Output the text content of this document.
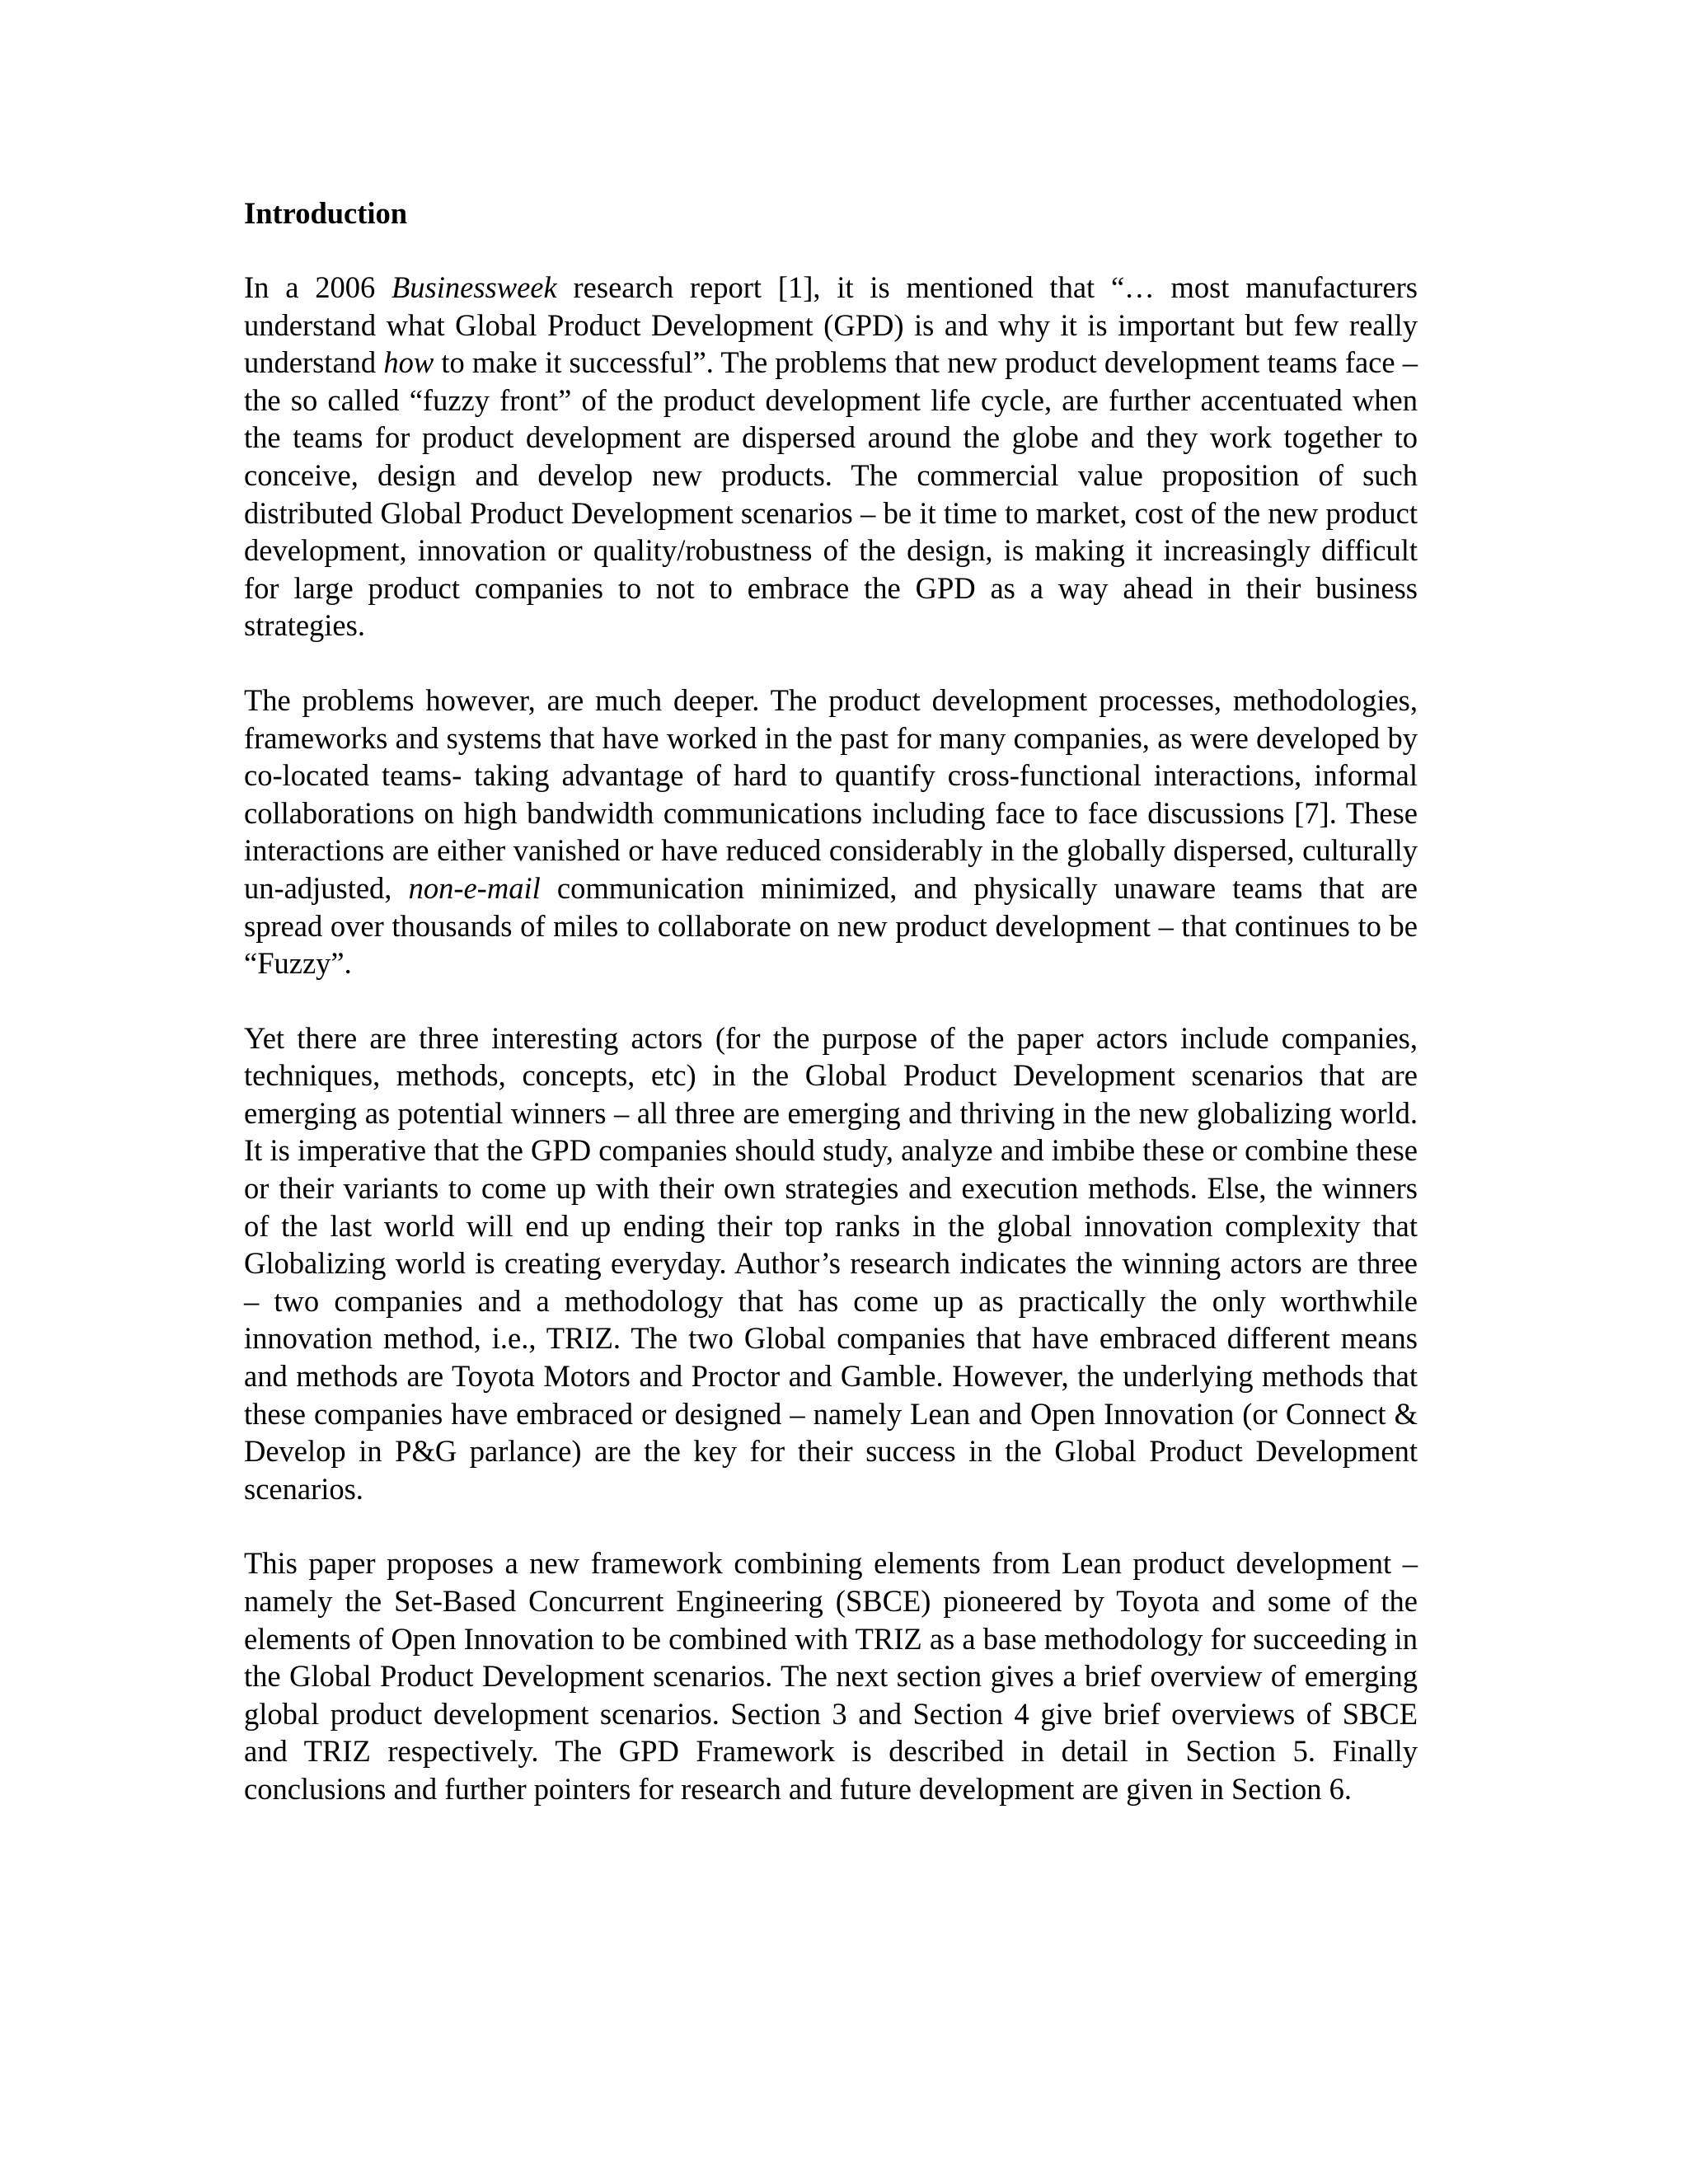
Introduction

In a 2006 Businessweek research report [1], it is mentioned that “… most manufacturers understand what Global Product Development (GPD) is and why it is important but few really understand how to make it successful”. The problems that new product development teams face – the so called “fuzzy front” of the product development life cycle, are further accentuated when the teams for product development are dispersed around the globe and they work together to conceive, design and develop new products. The commercial value proposition of such distributed Global Product Development scenarios – be it time to market, cost of the new product development, innovation or quality/robustness of the design, is making it increasingly difficult for large product companies to not to embrace the GPD as a way ahead in their business strategies.

The problems however, are much deeper. The product development processes, methodologies, frameworks and systems that have worked in the past for many companies, as were developed by co-located teams- taking advantage of hard to quantify cross-functional interactions, informal collaborations on high bandwidth communications including face to face discussions [7]. These interactions are either vanished or have reduced considerably in the globally dispersed, culturally un-adjusted, non-e-mail communication minimized, and physically unaware teams that are spread over thousands of miles to collaborate on new product development – that continues to be “Fuzzy”.

Yet there are three interesting actors (for the purpose of the paper actors include companies, techniques, methods, concepts, etc) in the Global Product Development scenarios that are emerging as potential winners – all three are emerging and thriving in the new globalizing world. It is imperative that the GPD companies should study, analyze and imbibe these or combine these or their variants to come up with their own strategies and execution methods. Else, the winners of the last world will end up ending their top ranks in the global innovation complexity that Globalizing world is creating everyday. Author’s research indicates the winning actors are three – two companies and a methodology that has come up as practically the only worthwhile innovation method, i.e., TRIZ. The two Global companies that have embraced different means and methods are Toyota Motors and Proctor and Gamble. However, the underlying methods that these companies have embraced or designed – namely Lean and Open Innovation (or Connect & Develop in P&G parlance) are the key for their success in the Global Product Development scenarios.

This paper proposes a new framework combining elements from Lean product development – namely the Set-Based Concurrent Engineering (SBCE) pioneered by Toyota and some of the elements of Open Innovation to be combined with TRIZ as a base methodology for succeeding in the Global Product Development scenarios. The next section gives a brief overview of emerging global product development scenarios. Section 3 and Section 4 give brief overviews of SBCE and TRIZ respectively. The GPD Framework is described in detail in Section 5. Finally conclusions and further pointers for research and future development are given in Section 6.
